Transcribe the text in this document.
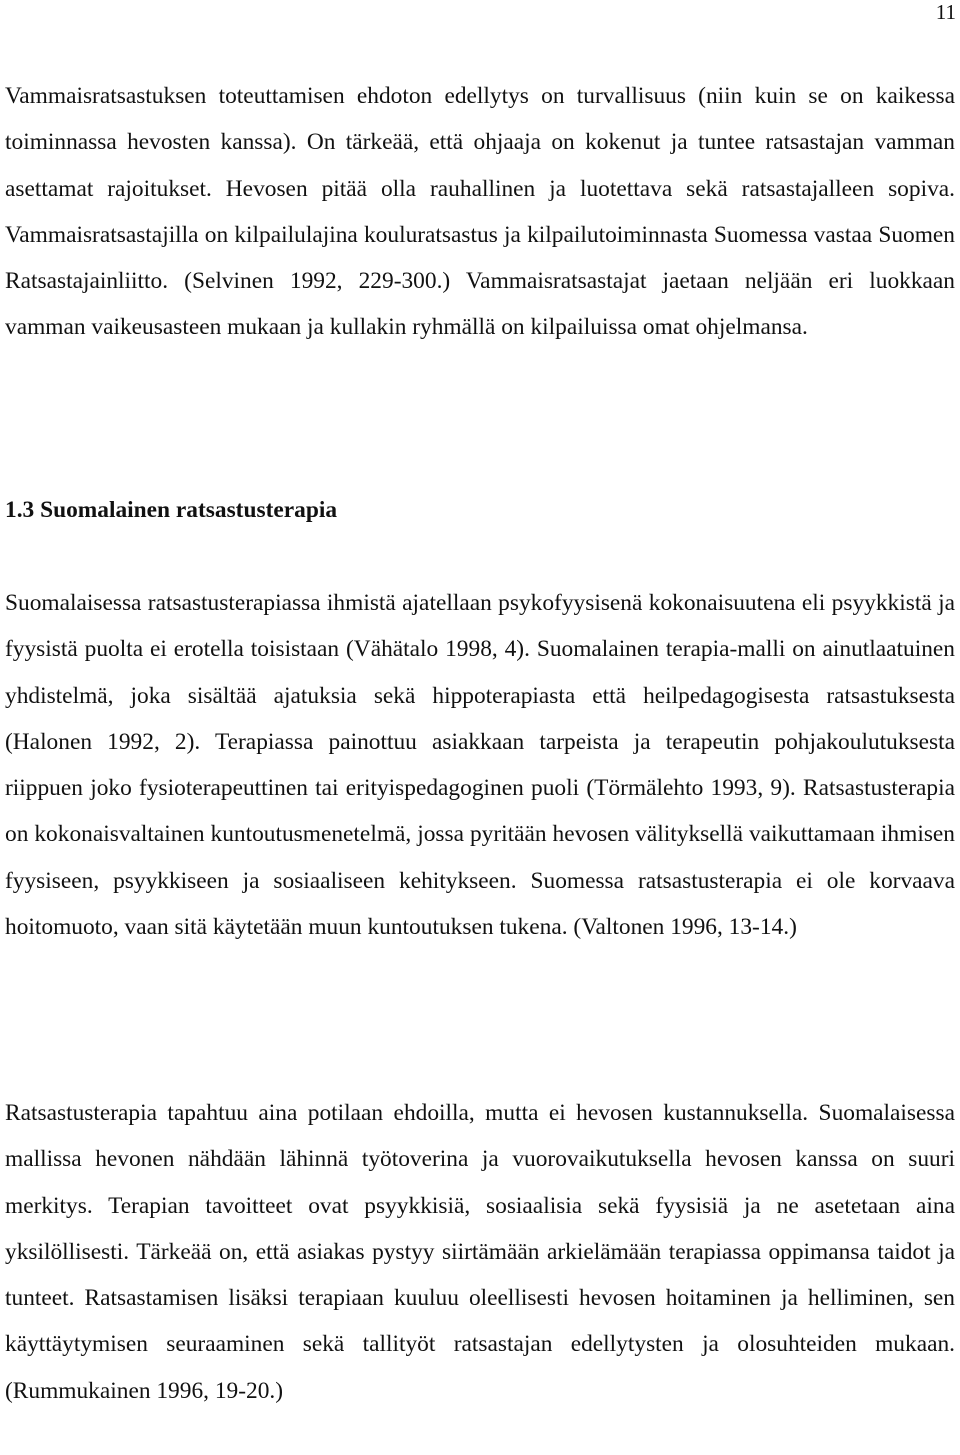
11

Vammaisratsastuksen toteuttamisen ehdoton edellytys on turvallisuus (niin kuin se on kaikessa toiminnassa hevosten kanssa). On tärkeää, että ohjaaja on kokenut ja tuntee ratsastajan vamman asettamat rajoitukset. Hevosen pitää olla rauhallinen ja luotettava sekä ratsastajalleen sopiva. Vammaisratsastajilla on kilpailulajina kouluratsastus ja kilpailutoiminnasta Suomessa vastaa Suomen Ratsastajainliitto. (Selvinen 1992, 229-300.) Vammaisratsastajat jaetaan neljään eri luokkaan vamman vaikeusasteen mukaan ja kullakin ryhmällä on kilpailuissa omat ohjelmansa.

1.3 Suomalainen ratsastusterapia

Suomalaisessa ratsastusterapiassa ihmistä ajatellaan psykofyysisenä kokonaisuutena eli psyykkistä ja fyysistä puolta ei erotella toisistaan (Vähätalo 1998, 4). Suomalainen terapia-malli on ainutlaatuinen yhdistelmä, joka sisältää ajatuksia sekä hippoterapiasta että heilpedagogisesta ratsastuksesta (Halonen 1992, 2). Terapiassa painottuu asiakkaan tarpeista ja terapeutin pohjakoulutuksesta riippuen joko fysioterapeuttinen tai erityispedagoginen puoli (Törmälehto 1993, 9). Ratsastusterapia on kokonaisvaltainen kuntoutusmenetelmä, jossa pyritään hevosen välityksellä vaikuttamaan ihmisen fyysiseen, psyykkiseen ja sosiaaliseen kehitykseen. Suomessa ratsastusterapia ei ole korvaava hoitomuoto, vaan sitä käytetään muun kuntoutuksen tukena. (Valtonen 1996, 13-14.)

Ratsastusterapia tapahtuu aina potilaan ehdoilla, mutta ei hevosen kustannuksella. Suomalaisessa mallissa hevonen nähdään lähinnä työtoverina ja vuorovaikutuksella hevosen kanssa on suuri merkitys. Terapian tavoitteet ovat psyykkisiä, sosiaalisia sekä fyysisiä ja ne asetetaan aina yksilöllisesti. Tärkeää on, että asiakas pystyy siirtämään arkielämään terapiassa oppimansa taidot ja tunteet. Ratsastamisen lisäksi terapiaan kuuluu oleellisesti hevosen hoitaminen ja helliminen, sen käyttäytymisen seuraaminen sekä tallityöt ratsastajan edellytysten ja olosuhteiden mukaan. (Rummukainen 1996, 19-20.)
